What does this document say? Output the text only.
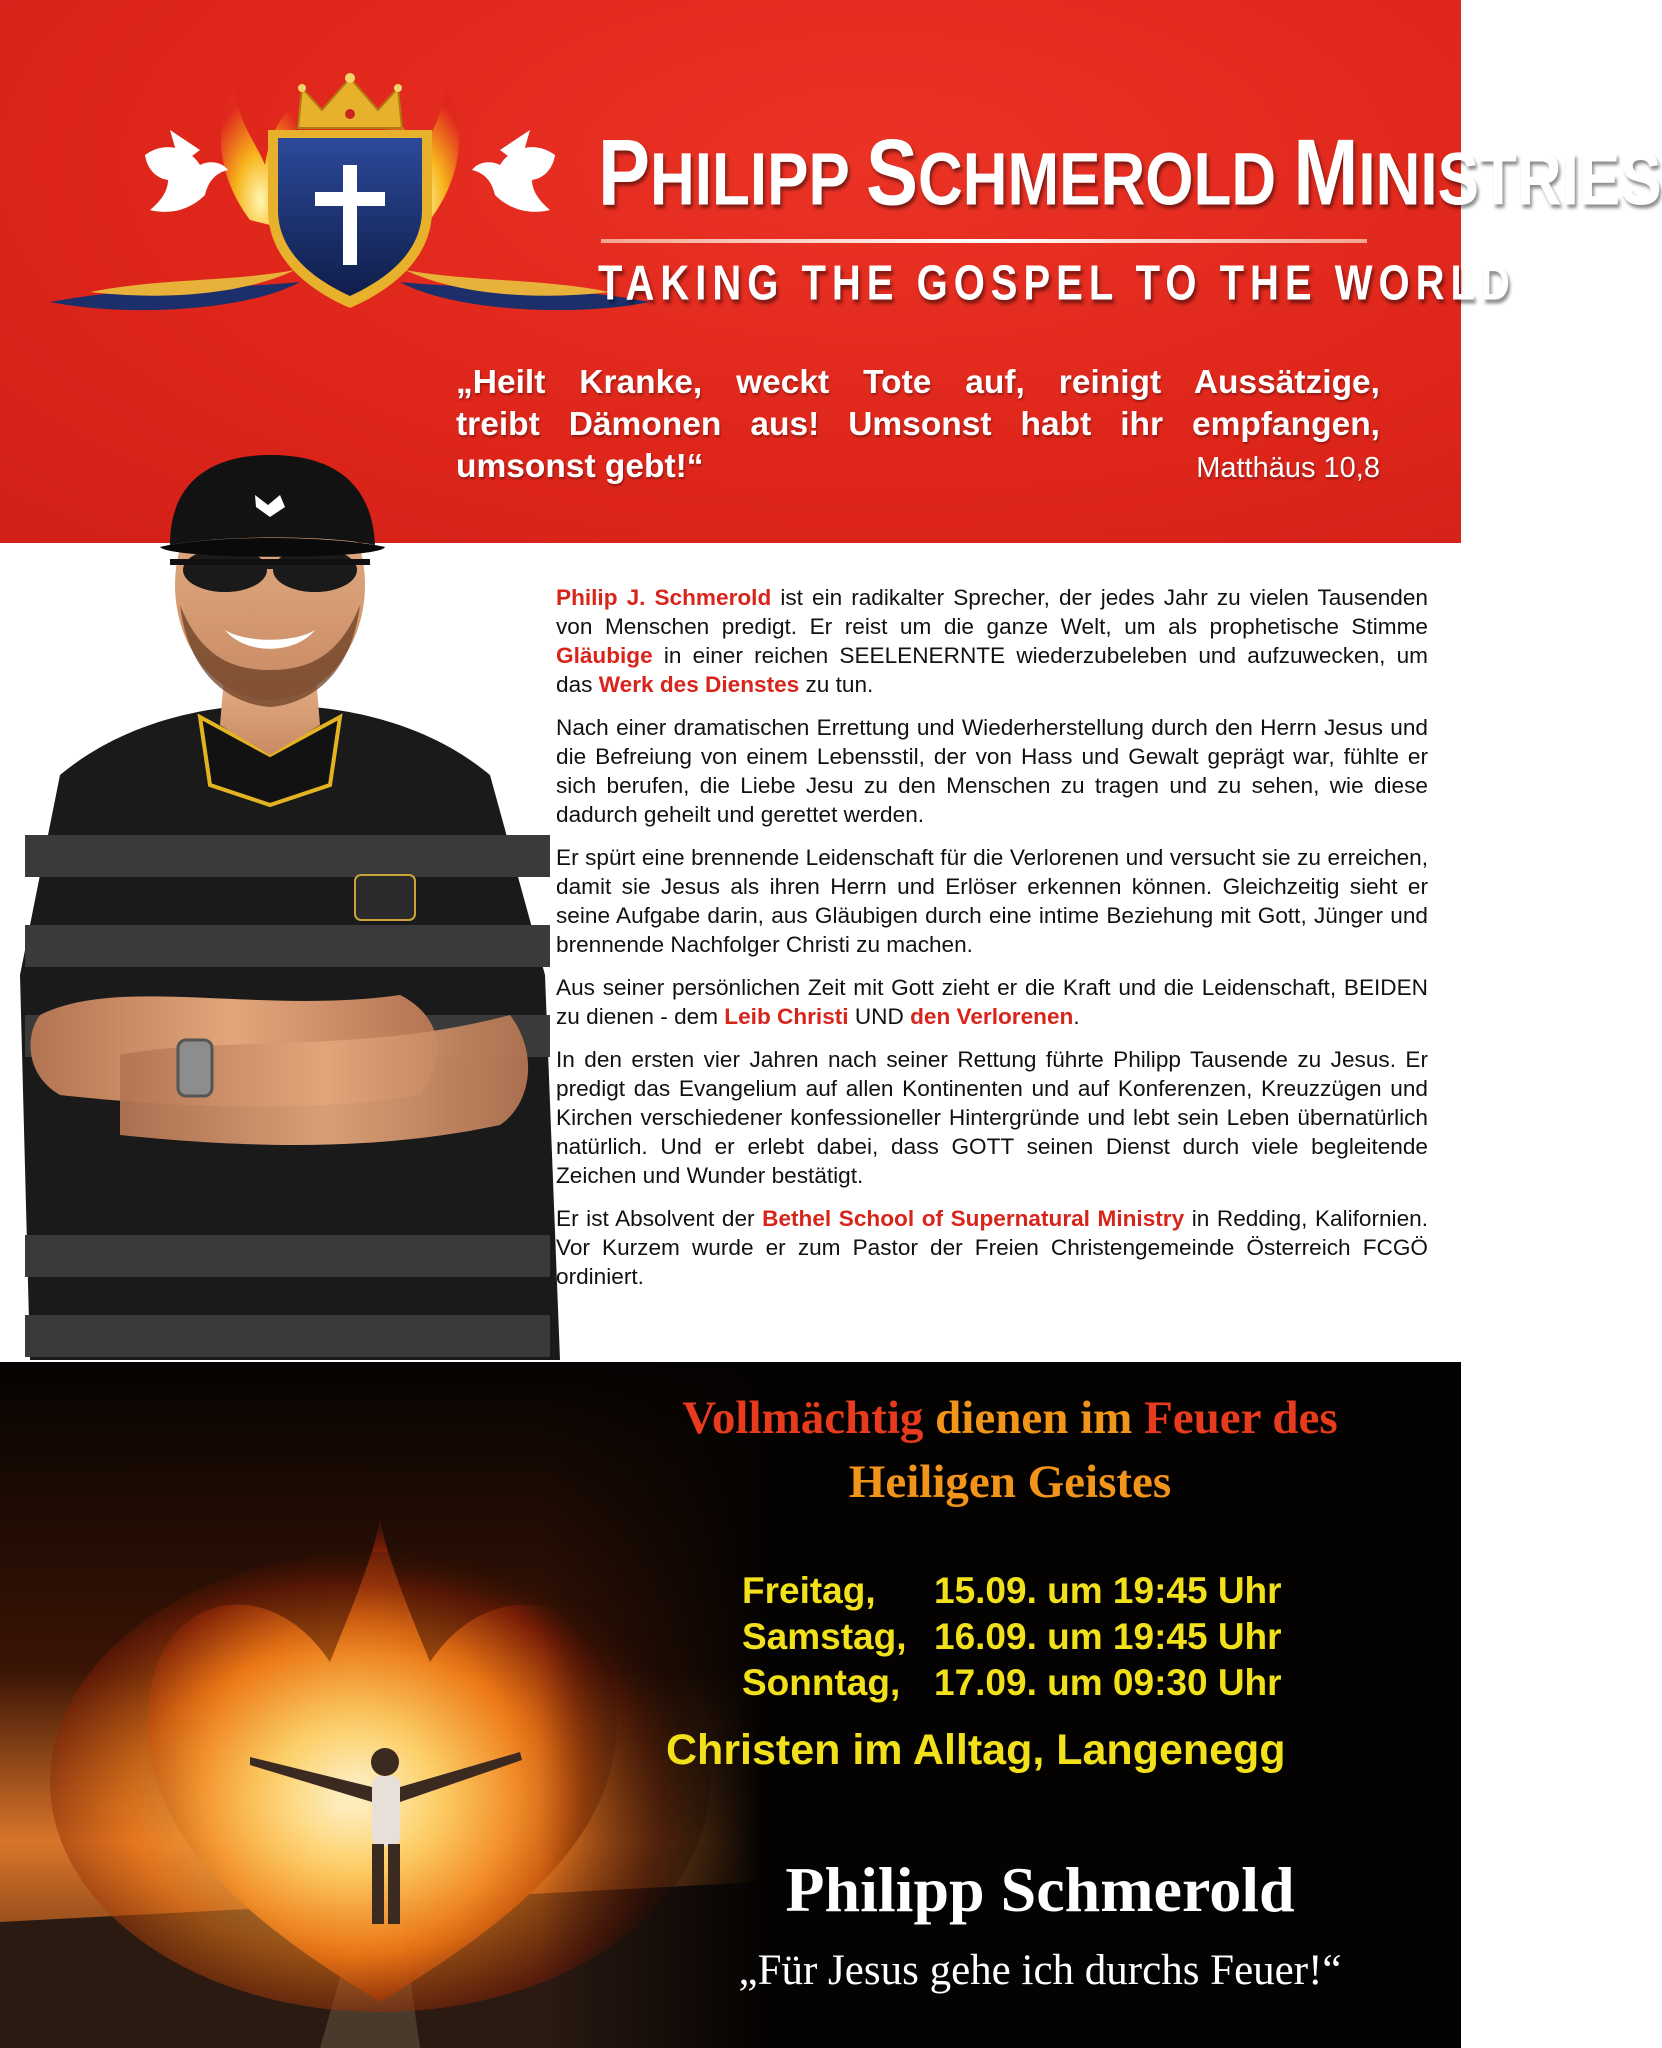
PHILIPP SCHMEROLD MINISTRIES
TAKING THE GOSPEL TO THE WORLD
„Heilt Kranke, weckt Tote auf, reinigt Aussätzige,
treibt Dämonen aus! Umsonst habt ihr empfangen,
umsonst gebt!“	Matthäus 10,8

Philip J. Schmerold ist ein radikalter Sprecher, der jedes Jahr zu vielen Tausenden von Menschen predigt. Er reist um die ganze Welt, um als prophetische Stimme Gläubige in einer reichen SEELENERNTE wiederzubeleben und aufzuwecken, um das Werk des Dienstes zu tun.

Nach einer dramatischen Errettung und Wiederherstellung durch den Herrn Jesus und die Befreiung von einem Lebensstil, der von Hass und Gewalt geprägt war, fühlte er sich berufen, die Liebe Jesu zu den Menschen zu tragen und zu sehen, wie diese dadurch geheilt und gerettet werden.

Er spürt eine brennende Leidenschaft für die Verlorenen und versucht sie zu erreichen, damit sie Jesus als ihren Herrn und Erlöser erkennen können. Gleichzeitig sieht er seine Aufgabe darin, aus Gläubigen durch eine intime Beziehung mit Gott, Jünger und brennende Nachfolger Christi zu machen.

Aus seiner persönlichen Zeit mit Gott zieht er die Kraft und die Leidenschaft, BEIDEN zu dienen - dem Leib Christi UND den Verlorenen.

In den ersten vier Jahren nach seiner Rettung führte Philipp Tausende zu Jesus. Er predigt das Evangelium auf allen Kontinenten und auf Konferenzen, Kreuzzügen und Kirchen verschiedener konfessioneller Hintergründe und lebt sein Leben übernatürlich natürlich. Und er erlebt dabei, dass GOTT seinen Dienst durch viele begleitende Zeichen und Wunder bestätigt.

Er ist Absolvent der Bethel School of Supernatural Ministry in Redding, Kalifornien. Vor Kurzem wurde er zum Pastor der Freien Christengemeinde Österreich FCGÖ ordiniert.

Vollmächtig dienen im Feuer des
Heiligen Geistes
Freitag,	15.09. um 19:45 Uhr
Samstag, 16.09. um 19:45 Uhr
Sonntag, 17.09. um 09:30 Uhr
Christen im Alltag, Langenegg
Philipp Schmerold
„Für Jesus gehe ich durchs Feuer!“
